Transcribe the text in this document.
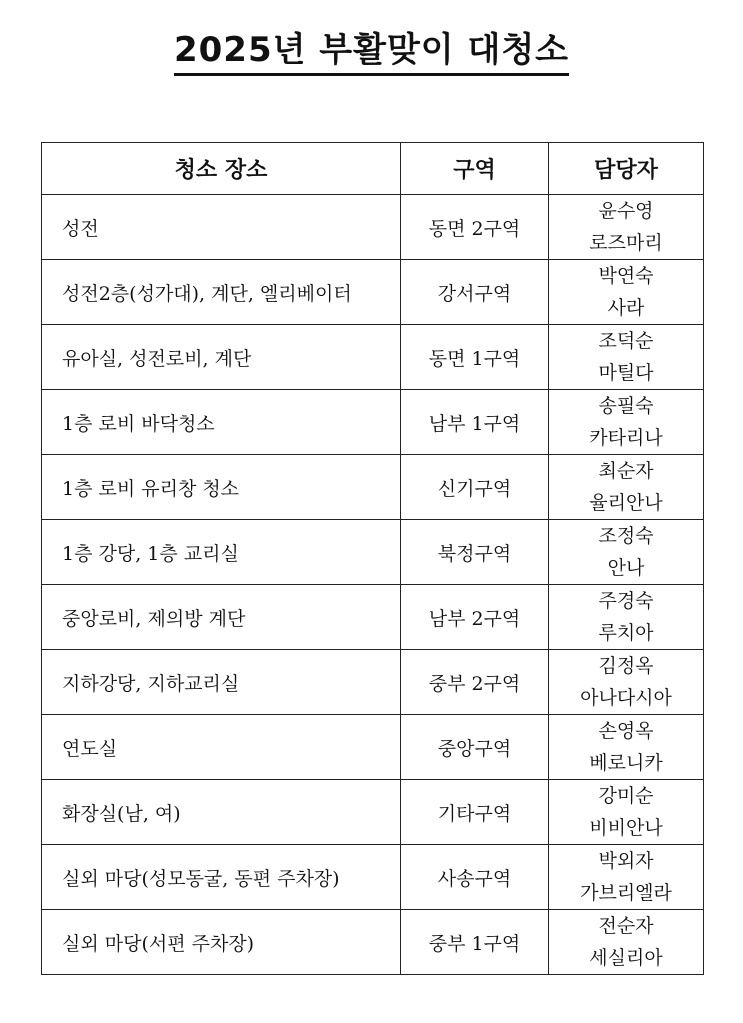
2025년 부활맞이 대청소
청소 장소	구역	담당자
성전	동면 2구역	윤수영
로즈마리

성전2층(성가대), 계단, 엘리베이터	강서구역	박연숙
사라

유아실, 성전로비, 계단	동면 1구역	조덕순
마틸다

1층 로비 바닥청소	남부 1구역	송필숙
카타리나

1층 로비 유리창 청소	신기구역	최순자
율리안나

1층 강당, 1층 교리실	북정구역	조정숙
안나

중앙로비, 제의방 계단	남부 2구역	주경숙
루치아

지하강당, 지하교리실	중부 2구역	김정옥
아나다시아

연도실	중앙구역	손영옥
베로니카

화장실(남, 여)	기타구역	강미순
비비안나

실외 마당(성모동굴, 동편 주차장)	사송구역	박외자
가브리엘라

실외 마당(서편 주차장)	중부 1구역	전순자
세실리아
